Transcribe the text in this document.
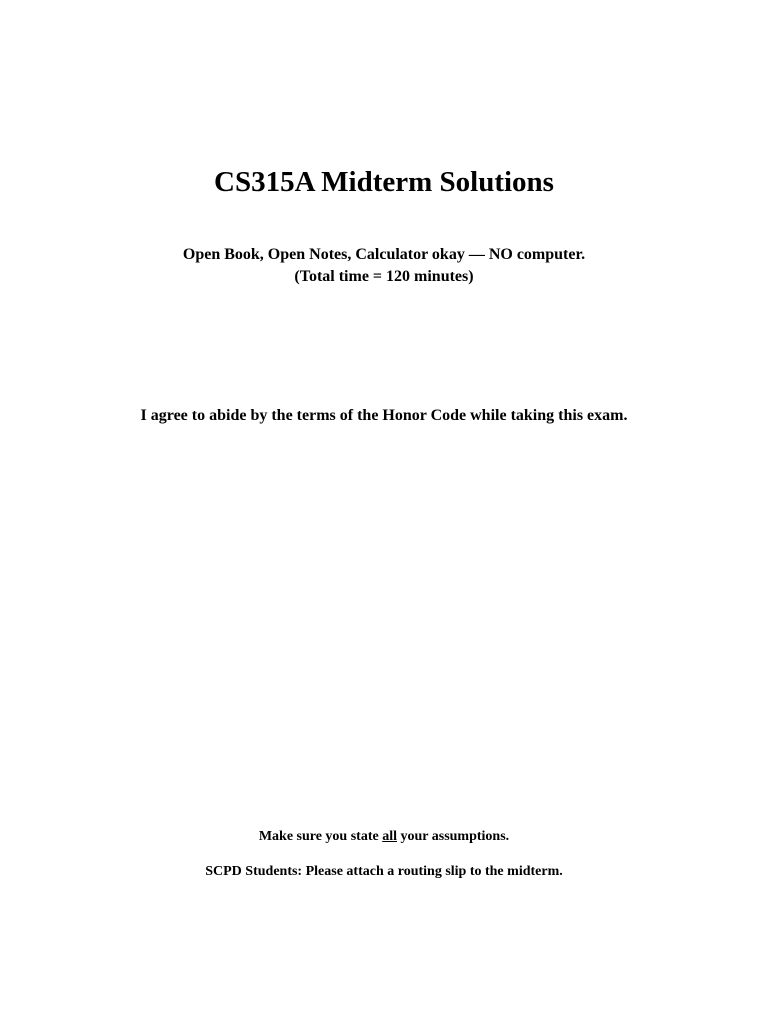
CS315A Midterm Solutions

Open Book, Open Notes, Calculator okay — NO computer.

(Total time = 120 minutes)

I agree to abide by the terms of the Honor Code while taking this exam.

Make sure you state all your assumptions.

SCPD Students: Please attach a routing slip to the midterm.
